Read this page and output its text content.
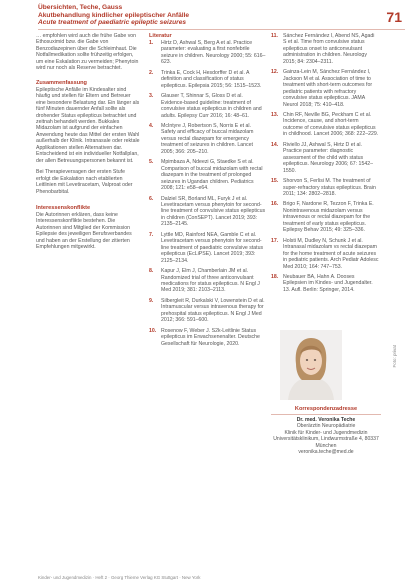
Übersichten, Teche, Gauss
Akutbehandlung kindlicher epileptischer Anfälle
Acute treatment of paediatric epileptic seizures	71

… empfohlen wird auch die frühe Gabe von Ethosuximid bzw. die Gabe von Benzodiazepinen über die Schleimhaut. Die Notfallmedikation sollte frühzeitig erfolgen, um eine Eskalation zu vermeiden; Phenytoin wird nur noch als Reserve betrachtet.

Zusammenfassung

Epileptische Anfälle im Kindesalter sind häufig und stellen für Eltern und Betreuer eine besondere Belastung dar. Ein länger als fünf Minuten dauernder Anfall sollte als drohender Status epilepticus betrachtet und zeitnah behandelt werden. Bukkales Midazolam ist aufgrund der einfachen Anwendung heute das Mittel der ersten Wahl außerhalb der Klinik. Intranasale oder rektale Applikationen stellen Alternativen dar. Entscheidend ist ein individueller Notfallplan, der allen Betreuungspersonen bekannt ist.

Bei Therapieversagen der ersten Stufe erfolgt die Eskalation nach etablierten Leitlinien mit Levetiracetam, Valproat oder Phenobarbital.

Interessenskonflikte

Die Autorinnen erklären, dass keine Interessenskonflikte bestehen. Die Autorinnen sind Mitglied der Kommission Epilepsie des jeweiligen Berufsverbandes und haben an der Erstellung der zitierten Empfehlungen mitgewirkt.

Literatur
1.	Hirtz D, Ashwal S, Berg A et al. Practice parameter: evaluating a first nonfebrile seizure in children. Neurology 2000; 55: 616–623.
2.	Trinka E, Cock H, Hesdorffer D et al. A definition and classification of status epilepticus. Epilepsia 2015; 56: 1515–1523.
3.	Glauser T, Shinnar S, Gloss D et al. Evidence-based guideline: treatment of convulsive status epilepticus in children and adults. Epilepsy Curr 2016; 16: 48–61.
4.	McIntyre J, Robertson S, Norris E et al. Safety and efficacy of buccal midazolam versus rectal diazepam for emergency treatment of seizures in children. Lancet 2005; 366: 205–210.
5.	Mpimbaza A, Ndeezi G, Staedke S et al. Comparison of buccal midazolam with rectal diazepam in the treatment of prolonged seizures in Ugandan children. Pediatrics 2008; 121: e58–e64.
6.	Dalziel SR, Borland ML, Furyk J et al. Levetiracetam versus phenytoin for second-line treatment of convulsive status epilepticus in children (ConSEPT). Lancet 2019; 393: 2135–2145.
7.	Lyttle MD, Rainford NEA, Gamble C et al. Levetiracetam versus phenytoin for second-line treatment of paediatric convulsive status epilepticus (EcLiPSE). Lancet 2019; 393: 2125–2134.
8.	Kapur J, Elm J, Chamberlain JM et al. Randomized trial of three anticonvulsant medications for status epilepticus. N Engl J Med 2019; 381: 2103–2113.
9.	Silbergleit R, Durkalski V, Lowenstein D et al. Intramuscular versus intravenous therapy for prehospital status epilepticus. N Engl J Med 2012; 366: 591–600.
10. Rosenow F, Weber J. S2k-Leitlinie Status epilepticus im Erwachsenenalter. Deutsche Gesellschaft für Neurologie, 2020.
11. Sánchez Fernández I, Abend NS, Agadi S et al. Time from convulsive status epilepticus onset to anticonvulsant administration in children. Neurology 2015; 84: 2304–2311.
12. Gainza-Lein M, Sánchez Fernández I, Jackson M et al. Association of time to treatment with short-term outcomes for pediatric patients with refractory convulsive status epilepticus. JAMA Neurol 2018; 75: 410–418.
13. Chin RF, Neville BG, Peckham C et al. Incidence, cause, and short-term outcome of convulsive status epilepticus in childhood. Lancet 2006; 368: 222–229.
14. Riviello JJ, Ashwal S, Hirtz D et al. Practice parameter: diagnostic assessment of the child with status epilepticus. Neurology 2006; 67: 1542–1550.
15. Shorvon S, Ferlisi M. The treatment of super-refractory status epilepticus. Brain 2011; 134: 2802–2818.
16. Brigo F, Nardone R, Tezzon F, Trinka E. Nonintravenous midazolam versus intravenous or rectal diazepam for the treatment of early status epilepticus. Epilepsy Behav 2015; 49: 325–336.
17. Holsti M, Dudley N, Schunk J et al. Intranasal midazolam vs rectal diazepam for the home treatment of acute seizures in pediatric patients. Arch Pediatr Adolesc Med 2010; 164: 747–753.
18. Neubauer BA, Hahn A. Dooses Epilepsien im Kindes- und Jugendalter. 13. Aufl. Berlin: Springer, 2014.
Foto: privat
Korrespondenzadresse
Dr. med. Veronika Teche
Oberärztin Neuropädiatrie
Klinik für Kinder- und Jugendmedizin
Universitätsklinikum, Lindwurmstraße 4, 80337 München
veronika.teche@med.de
Kinder- und Jugendmedizin · Heft 2 · Georg Thieme Verlag KG Stuttgart · New York
